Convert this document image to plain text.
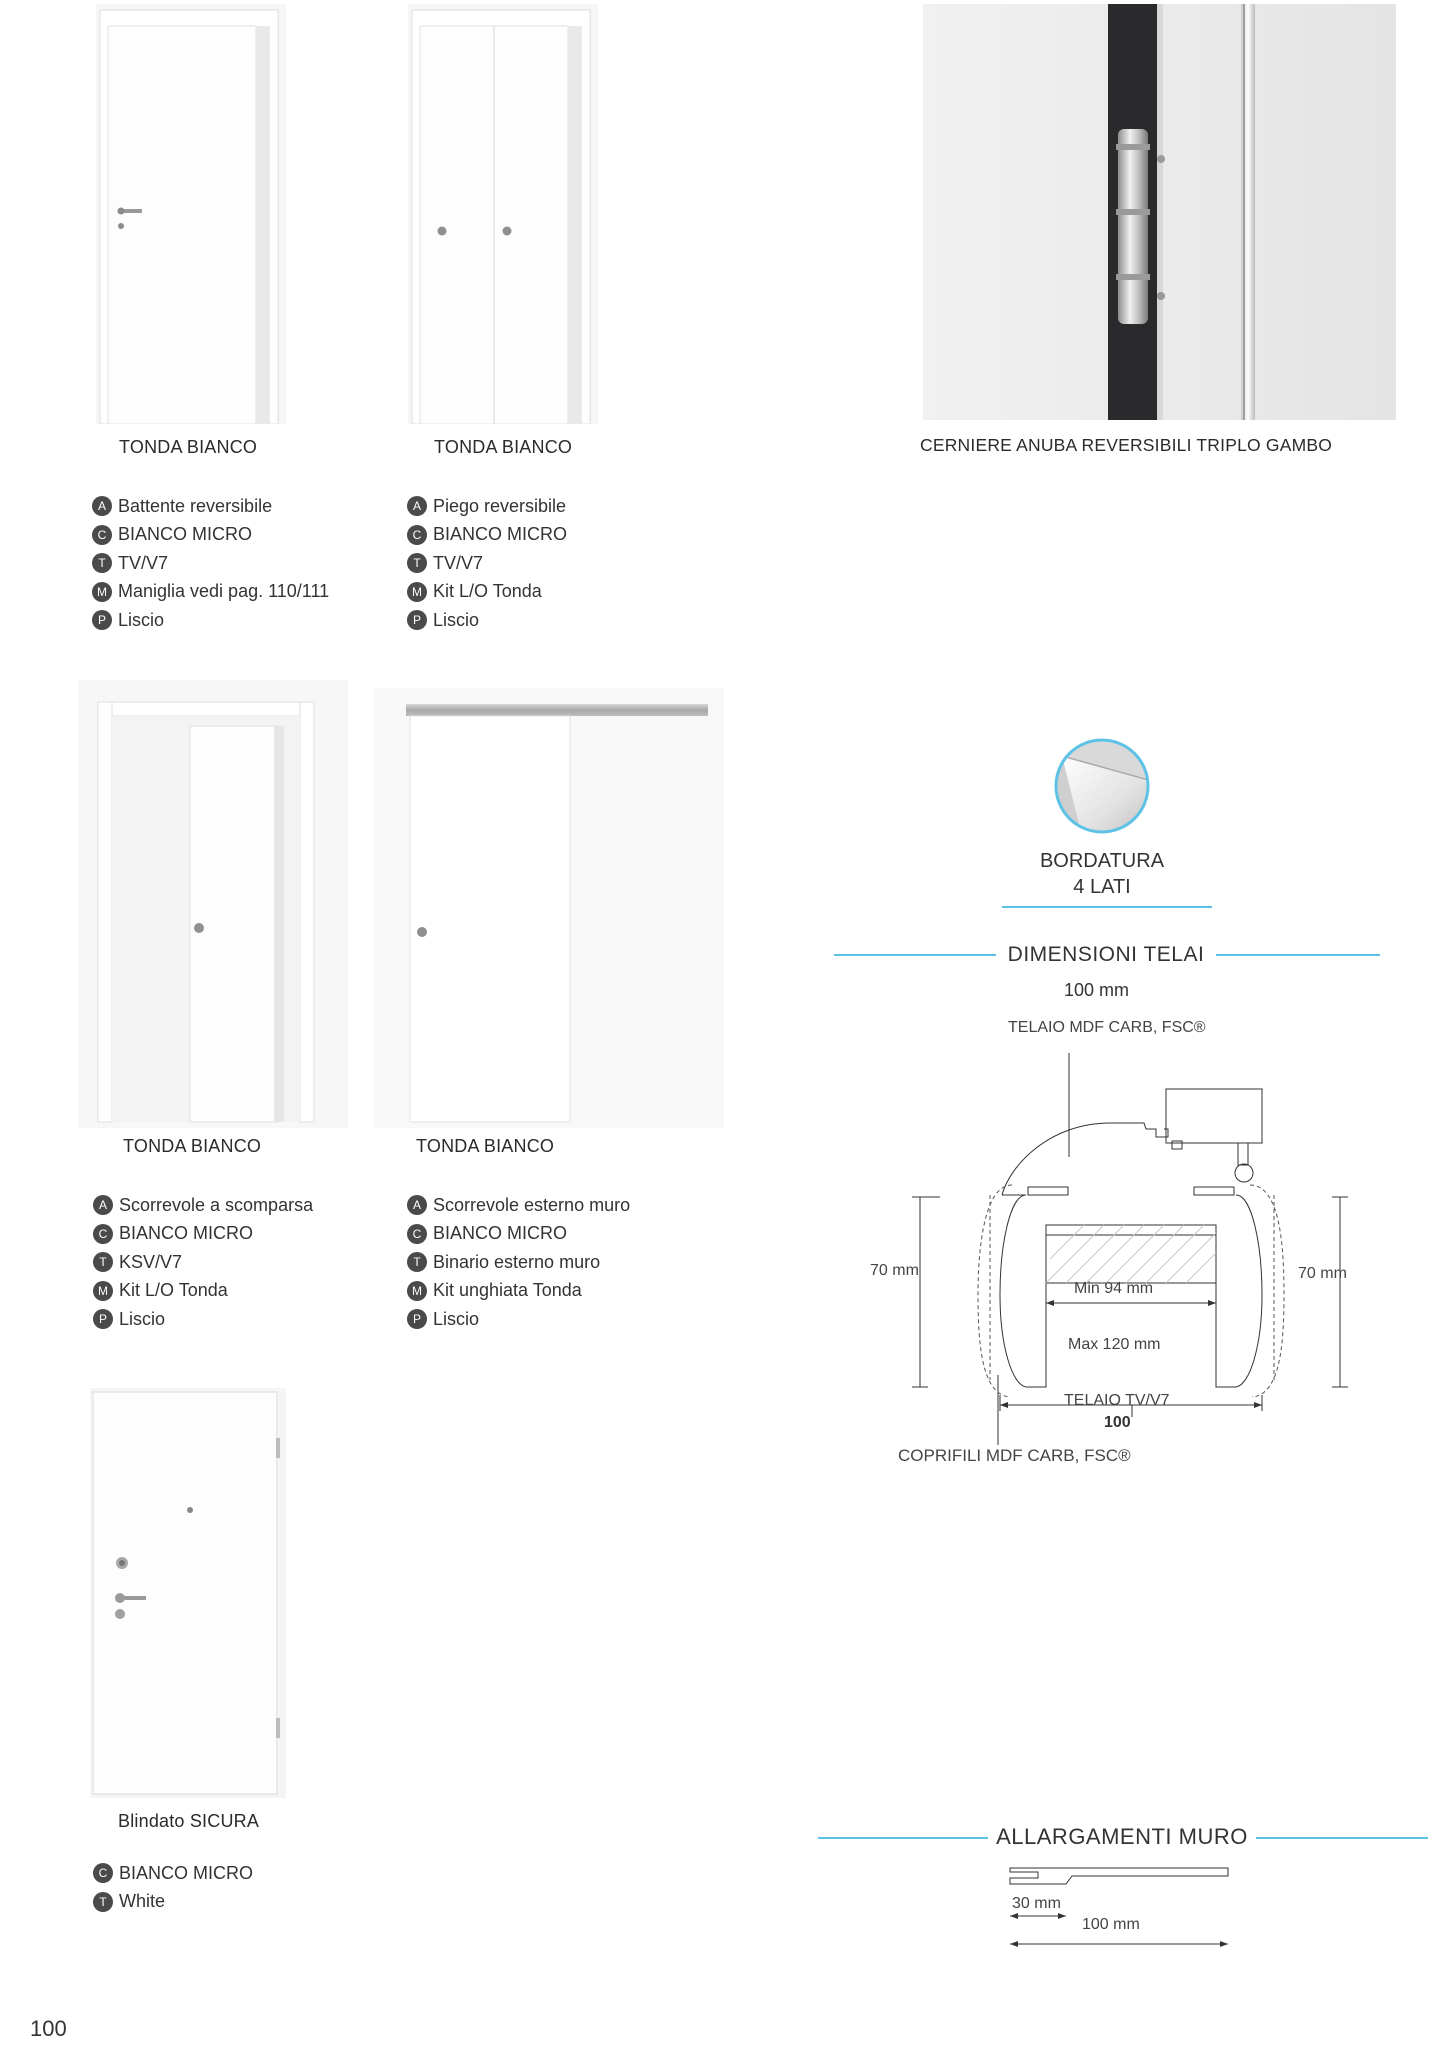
TONDA BIANCO
A Battente reversibile
C BIANCO MICRO
T TV/V7
M Maniglia vedi pag. 110/111
P Liscio
TONDA BIANCO
A Piego reversibile
C BIANCO MICRO
T TV/V7
M Kit L/O Tonda
P Liscio
CERNIERE ANUBA REVERSIBILI TRIPLO GAMBO
TONDA BIANCO
A Scorrevole a scomparsa
C BIANCO MICRO
T KSV/V7
M Kit L/O Tonda
P Liscio
TONDA BIANCO
A Scorrevole esterno muro
C BIANCO MICRO
T Binario esterno muro
M Kit unghiata Tonda
P Liscio
BORDATURA
4 LATI
DIMENSIONI TELAI
100 mm
TELAIO MDF CARB, FSC®
70 mm	70 mm
Min 94 mm
Max 120 mm
TELAIO TV/V7
100
COPRIFILI MDF CARB, FSC®
Blindato SICURA
C BIANCO MICRO
T White
ALLARGAMENTI MURO
30 mm
100 mm
100
